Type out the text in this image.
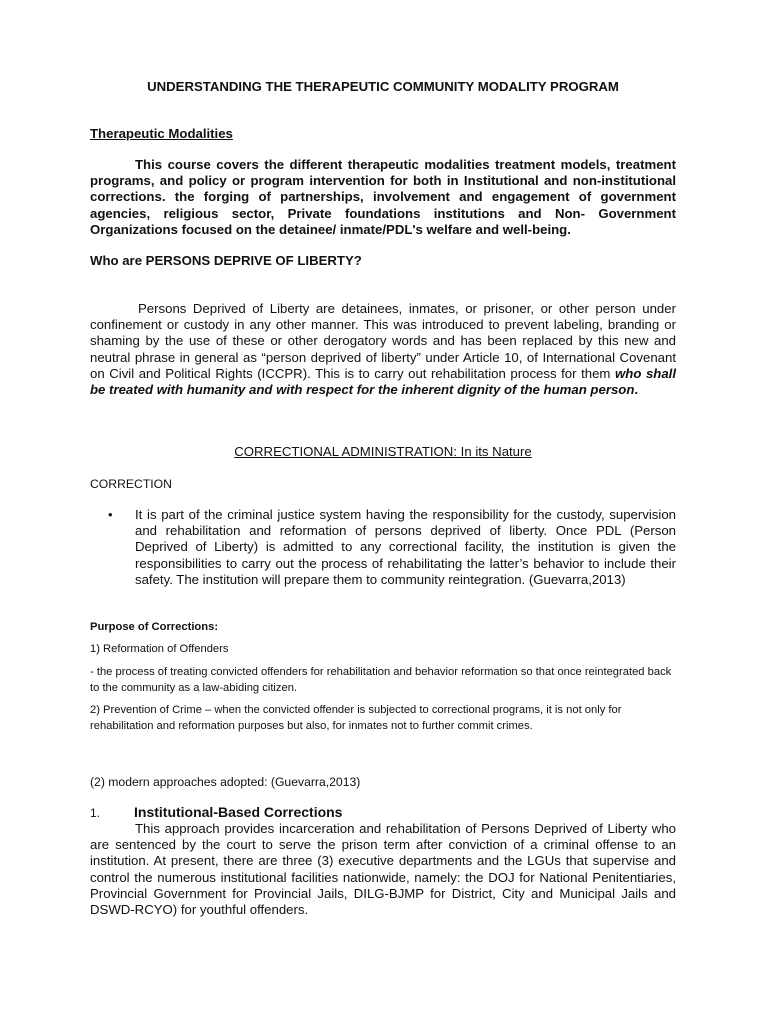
UNDERSTANDING THE THERAPEUTIC COMMUNITY MODALITY PROGRAM
Therapeutic Modalities
This course covers the different therapeutic modalities treatment models, treatment programs, and policy or program intervention for both in Institutional and non-institutional corrections. the forging of partnerships, involvement and engagement of government agencies, religious sector, Private foundations institutions and Non- Government Organizations focused on the detainee/ inmate/PDL's welfare and well-being.
Who are PERSONS DEPRIVE OF LIBERTY?
Persons Deprived of Liberty are detainees, inmates, or prisoner, or other person under confinement or custody in any other manner. This was introduced to prevent labeling, branding or shaming by the use of these or other derogatory words and has been replaced by this new and neutral phrase in general as “person deprived of liberty” under Article 10, of International Covenant on Civil and Political Rights (ICCPR). This is to carry out rehabilitation process for them who shall be treated with humanity and with respect for the inherent dignity of the human person.
CORRECTIONAL ADMINISTRATION: In its Nature
CORRECTION
• It is part of the criminal justice system having the responsibility for the custody, supervision and rehabilitation and reformation of persons deprived of liberty. Once PDL (Person Deprived of Liberty) is admitted to any correctional facility, the institution is given the responsibilities to carry out the process of rehabilitating the latter’s behavior to include their safety. The institution will prepare them to community reintegration. (Guevarra,2013)
Purpose of Corrections:
1) Reformation of Offenders
- the process of treating convicted offenders for rehabilitation and behavior reformation so that once reintegrated back to the community as a law-abiding citizen.
2) Prevention of Crime – when the convicted offender is subjected to correctional programs, it is not only for rehabilitation and reformation purposes but also, for inmates not to further commit crimes.
(2) modern approaches adopted: (Guevarra,2013)
1. Institutional-Based Corrections
This approach provides incarceration and rehabilitation of Persons Deprived of Liberty who are sentenced by the court to serve the prison term after conviction of a criminal offense to an institution. At present, there are three (3) executive departments and the LGUs that supervise and control the numerous institutional facilities nationwide, namely: the DOJ for National Penitentiaries, Provincial Government for Provincial Jails, DILG-BJMP for District, City and Municipal Jails and DSWD-RCYO) for youthful offenders.
